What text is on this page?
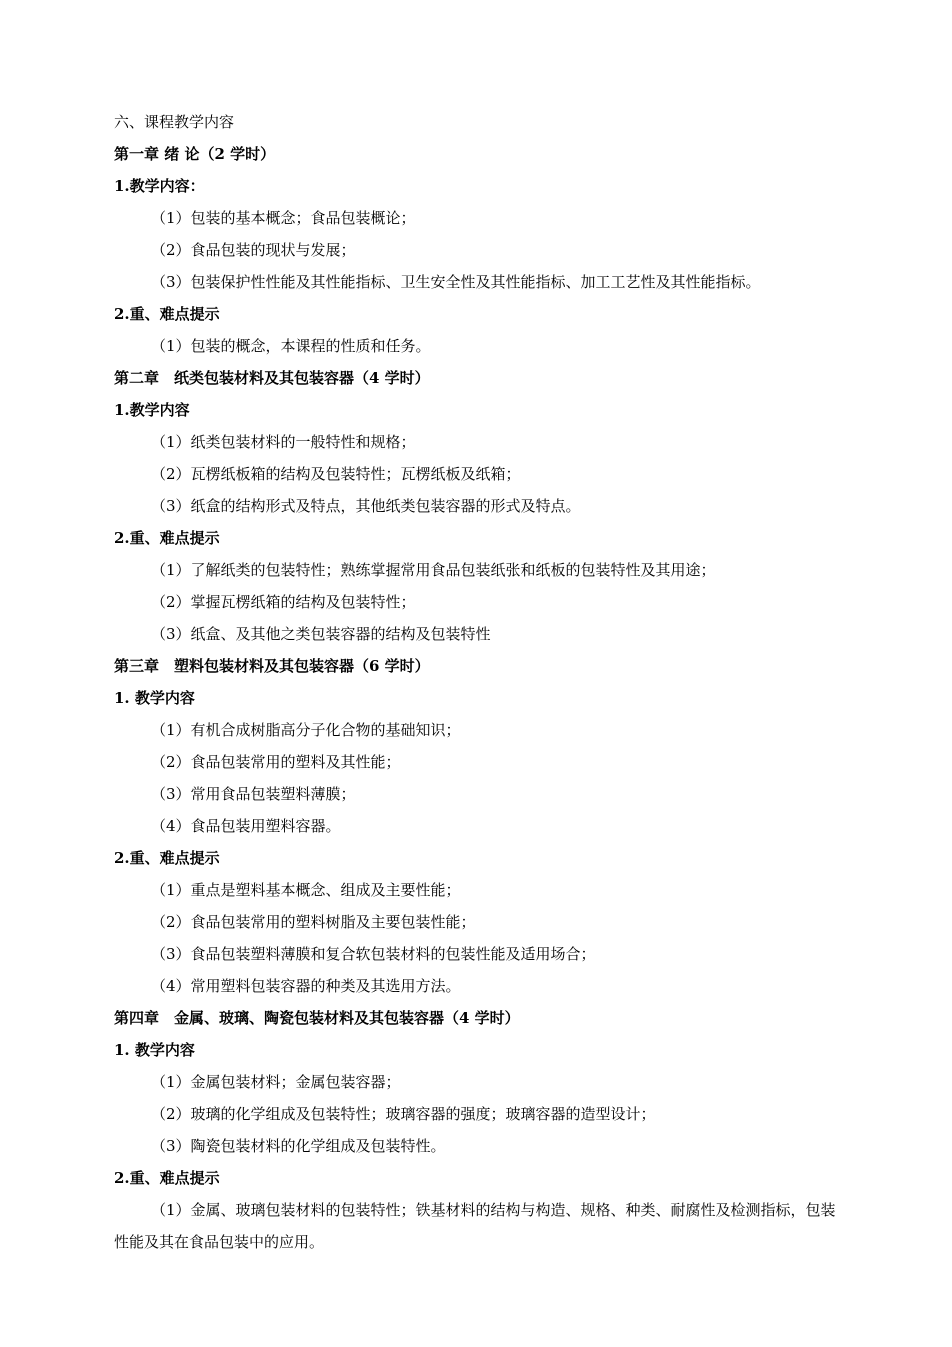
六、课程教学内容
第一章 绪 论（2 学时）
1.教学内容：
（1）包装的基本概念；食品包装概论；
（2）食品包装的现状与发展；
（3）包装保护性性能及其性能指标、卫生安全性及其性能指标、加工工艺性及其性能指标。
2.重、难点提示
（1）包装的概念，本课程的性质和任务。
第二章　纸类包装材料及其包装容器（4 学时）
1.教学内容
（1）纸类包装材料的一般特性和规格；
（2）瓦楞纸板箱的结构及包装特性；瓦楞纸板及纸箱；
（3）纸盒的结构形式及特点，其他纸类包装容器的形式及特点。
2.重、难点提示
（1）了解纸类的包装特性；熟练掌握常用食品包装纸张和纸板的包装特性及其用途；
（2）掌握瓦楞纸箱的结构及包装特性；
（3）纸盒、及其他之类包装容器的结构及包装特性
第三章　塑料包装材料及其包装容器（6 学时）
1. 教学内容
（1）有机合成树脂高分子化合物的基础知识；
（2）食品包装常用的塑料及其性能；
（3）常用食品包装塑料薄膜；
（4）食品包装用塑料容器。
2.重、难点提示
（1）重点是塑料基本概念、组成及主要性能；
（2）食品包装常用的塑料树脂及主要包装性能；
（3）食品包装塑料薄膜和复合软包装材料的包装性能及适用场合；
（4）常用塑料包装容器的种类及其选用方法。
第四章　金属、玻璃、陶瓷包装材料及其包装容器（4 学时）
1. 教学内容
（1）金属包装材料；金属包装容器；
（2）玻璃的化学组成及包装特性；玻璃容器的强度；玻璃容器的造型设计；
（3）陶瓷包装材料的化学组成及包装特性。
2.重、难点提示
（1）金属、玻璃包装材料的包装特性；铁基材料的结构与构造、规格、种类、耐腐性及检测指标，包装性能及其在食品包装中的应用。
